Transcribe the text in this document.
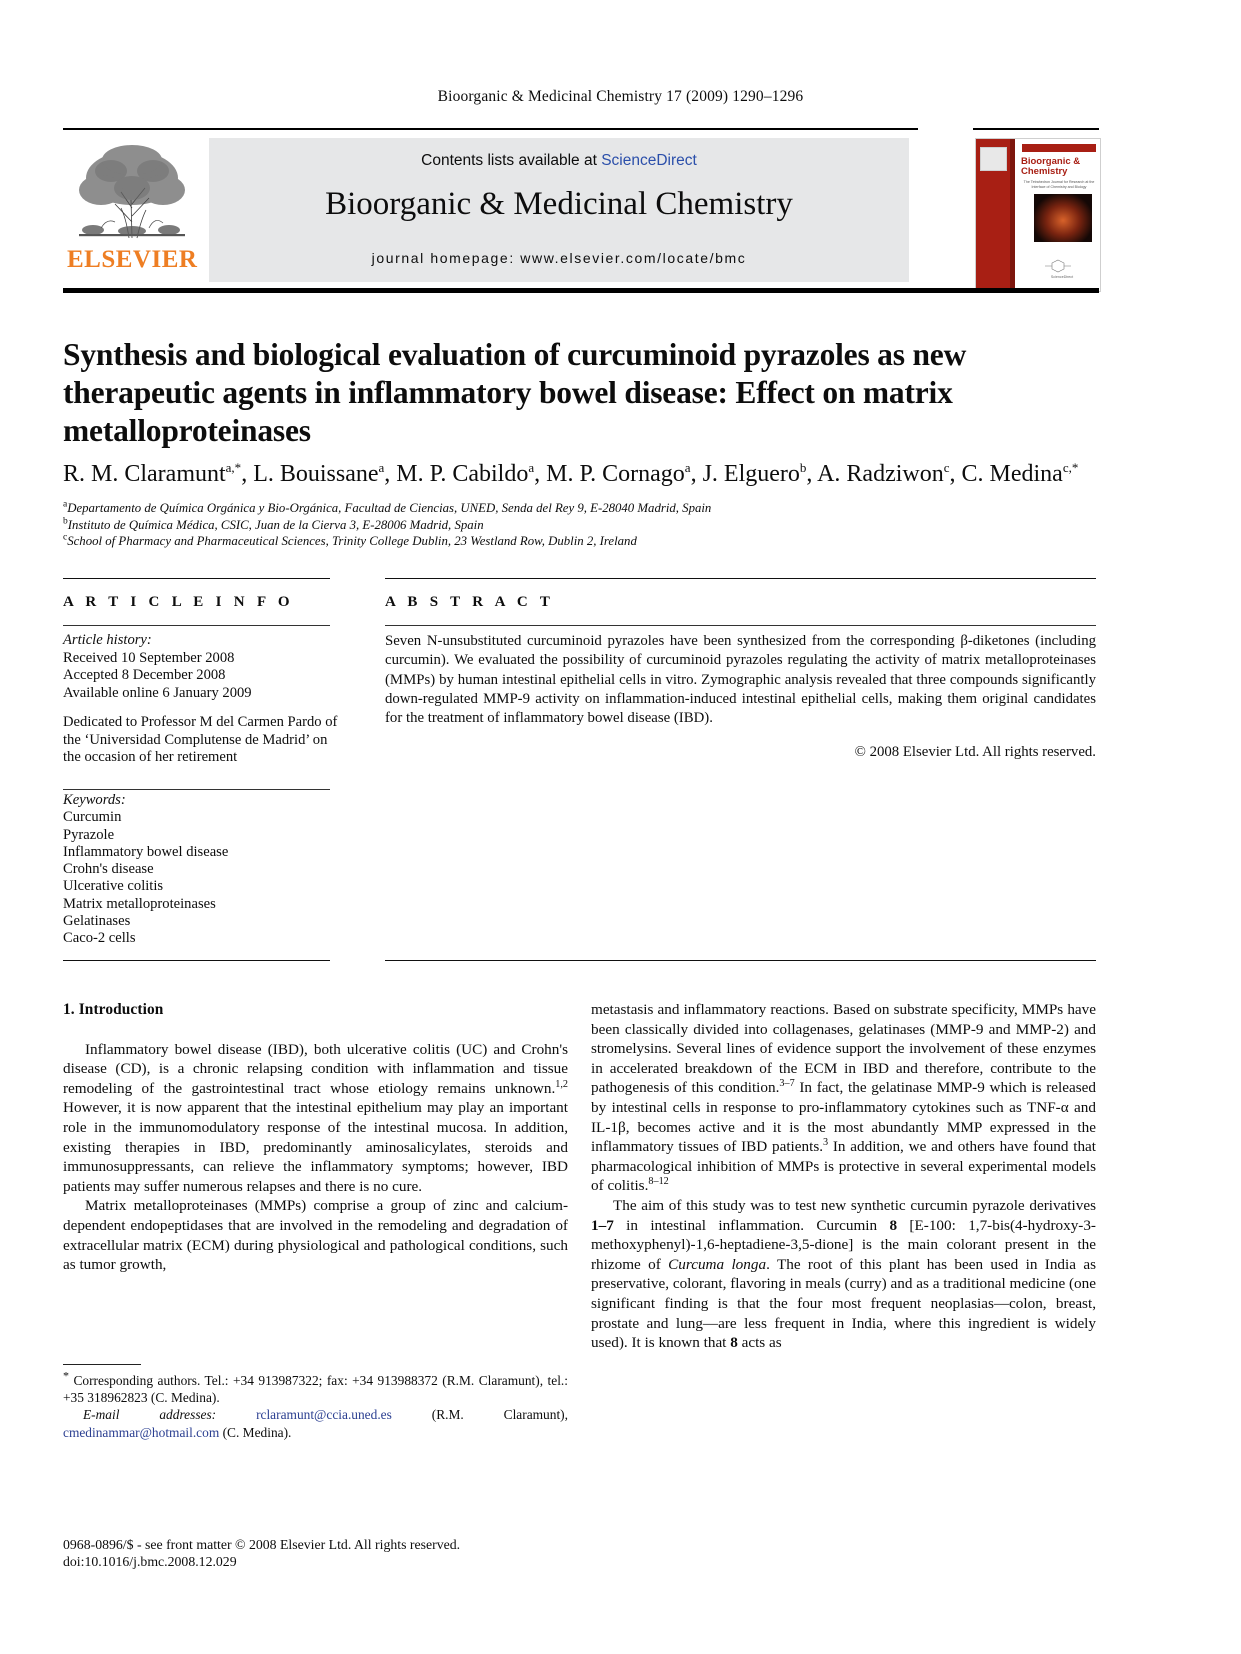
Bioorganic & Medicinal Chemistry 17 (2009) 1290–1296
ELSEVIER
Contents lists available at ScienceDirect
Bioorganic & Medicinal Chemistry
journal homepage: www.elsevier.com/locate/bmc
Bioorganic &
Chemistry
The Tetrahedron Journal for Research at the Interface of Chemistry and Biology
ScienceDirect
Synthesis and biological evaluation of curcuminoid pyrazoles as new therapeutic agents in inflammatory bowel disease: Effect on matrix metalloproteinases
R. M. Claramunt$^{a,*}$, L. Bouissane$^a$, M. P. Cabildo$^a$, M. P. Cornago$^a$, J. Elguero$^b$, A. Radziwon$^c$, C. Medina$^{c,*}$
$^a$Departamento de Química Orgánica y Bio-Orgánica, Facultad de Ciencias, UNED, Senda del Rey 9, E-28040 Madrid, Spain
$^b$Instituto de Química Médica, CSIC, Juan de la Cierva 3, E-28006 Madrid, Spain
$^c$School of Pharmacy and Pharmaceutical Sciences, Trinity College Dublin, 23 Westland Row, Dublin 2, Ireland
A R T I C L E I N F O	A B S T R A C T
Article history:
Received 10 September 2008
Accepted 8 December 2008
Available online 6 January 2009
Dedicated to Professor M del Carmen Pardo of the ‘Universidad Complutense de Madrid’ on the occasion of her retirement
Keywords:
Curcumin
Pyrazole
Inflammatory bowel disease
Crohn's disease
Ulcerative colitis
Matrix metalloproteinases
Gelatinases
Caco-2 cells
Seven N-unsubstituted curcuminoid pyrazoles have been synthesized from the corresponding β-diketones (including curcumin). We evaluated the possibility of curcuminoid pyrazoles regulating the activity of matrix metalloproteinases (MMPs) by human intestinal epithelial cells in vitro. Zymographic analysis revealed that three compounds significantly down-regulated MMP-9 activity on inflammation-induced intestinal epithelial cells, making them original candidates for the treatment of inflammatory bowel disease (IBD).
© 2008 Elsevier Ltd. All rights reserved.
1. Introduction

Inflammatory bowel disease (IBD), both ulcerative colitis (UC) and Crohn's disease (CD), is a chronic relapsing condition with inflammation and tissue remodeling of the gastrointestinal tract whose etiology remains unknown.$^{1,2}$ However, it is now apparent that the intestinal epithelium may play an important role in the immunomodulatory response of the intestinal mucosa. In addition, existing therapies in IBD, predominantly aminosalicylates, steroids and immunosuppressants, can relieve the inflammatory symptoms; however, IBD patients may suffer numerous relapses and there is no cure.

Matrix metalloproteinases (MMPs) comprise a group of zinc and calcium-dependent endopeptidases that are involved in the remodeling and degradation of extracellular matrix (ECM) during physiological and pathological conditions, such as tumor growth,

metastasis and inflammatory reactions. Based on substrate specificity, MMPs have been classically divided into collagenases, gelatinases (MMP-9 and MMP-2) and stromelysins. Several lines of evidence support the involvement of these enzymes in accelerated breakdown of the ECM in IBD and therefore, contribute to the pathogenesis of this condition.$^{3-7}$ In fact, the gelatinase MMP-9 which is released by intestinal cells in response to pro-inflammatory cytokines such as TNF-α and IL-1β, becomes active and it is the most abundantly MMP expressed in the inflammatory tissues of IBD patients.$^3$ In addition, we and others have found that pharmacological inhibition of MMPs is protective in several experimental models of colitis.$^{8-12}$

The aim of this study was to test new synthetic curcumin pyrazole derivatives 1–7 in intestinal inflammation. Curcumin 8 [E-100: 1,7-bis(4-hydroxy-3-methoxyphenyl)-1,6-heptadiene-3,5-dione] is the main colorant present in the rhizome of Curcuma longa. The root of this plant has been used in India as preservative, colorant, flavoring in meals (curry) and as a traditional medicine (one significant finding is that the four most frequent neoplasias—colon, breast, prostate and lung—are less frequent in India, where this ingredient is widely used). It is known that 8 acts as

* Corresponding authors. Tel.: +34 913987322; fax: +34 913988372 (R.M. Claramunt), tel.: +35 318962823 (C. Medina).

E-mail addresses:	rclaramunt@ccia.uned.es (R.M. Claramunt), cmedinammar@hotmail.com (C. Medina).

0968-0896/$ - see front matter © 2008 Elsevier Ltd. All rights reserved.
doi:10.1016/j.bmc.2008.12.029
